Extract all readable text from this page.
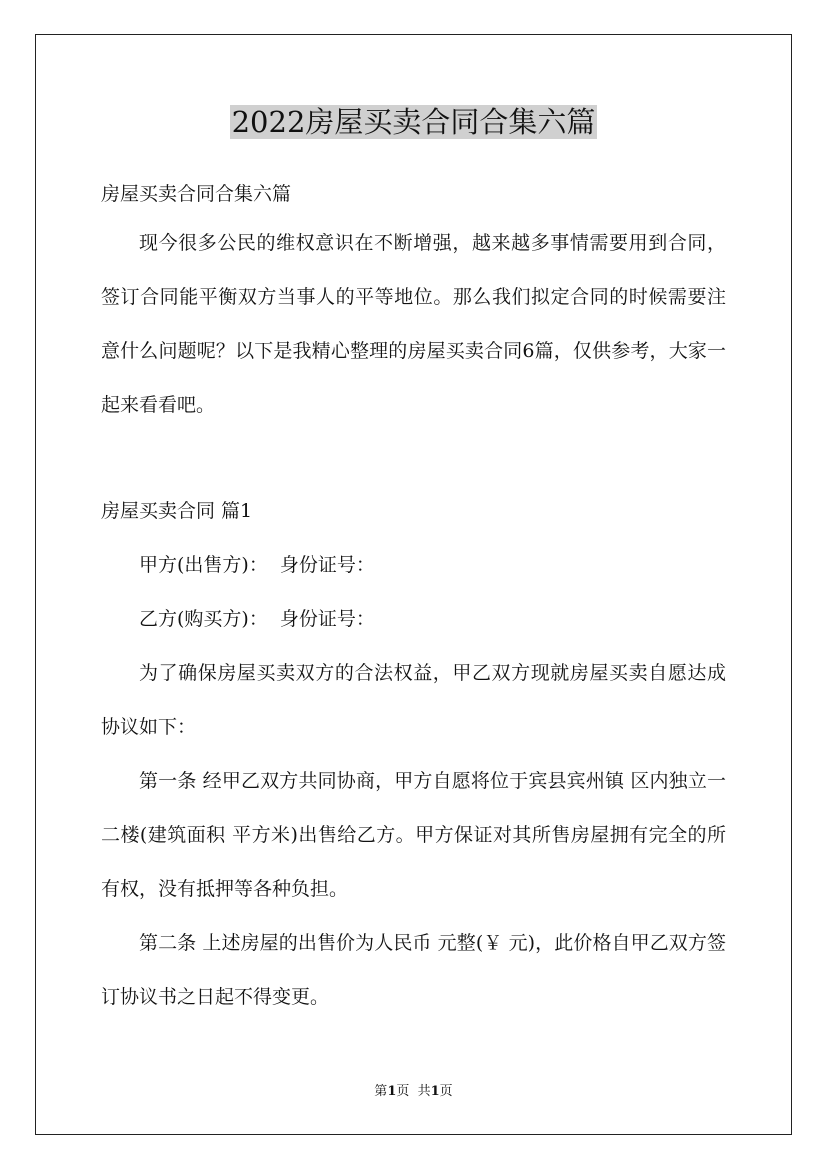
2022房屋买卖合同合集六篇

房屋买卖合同合集六篇

现今很多公民的维权意识在不断增强，越来越多事情需要用到合同，签订合同能平衡双方当事人的平等地位。那么我们拟定合同的时候需要注意什么问题呢？以下是我精心整理的房屋买卖合同6篇，仅供参考，大家一起来看看吧。

房屋买卖合同 篇1

甲方(出售方)：  身份证号：

乙方(购买方)：  身份证号：

为了确保房屋买卖双方的合法权益，甲乙双方现就房屋买卖自愿达成协议如下：

第一条 经甲乙双方共同协商，甲方自愿将位于宾县宾州镇 区内独立一二楼(建筑面积 平方米)出售给乙方。甲方保证对其所售房屋拥有完全的所有权，没有抵押等各种负担。

第二条 上述房屋的出售价为人民币 元整(￥ 元)，此价格自甲乙双方签订协议书之日起不得变更。

第1页  共1页
